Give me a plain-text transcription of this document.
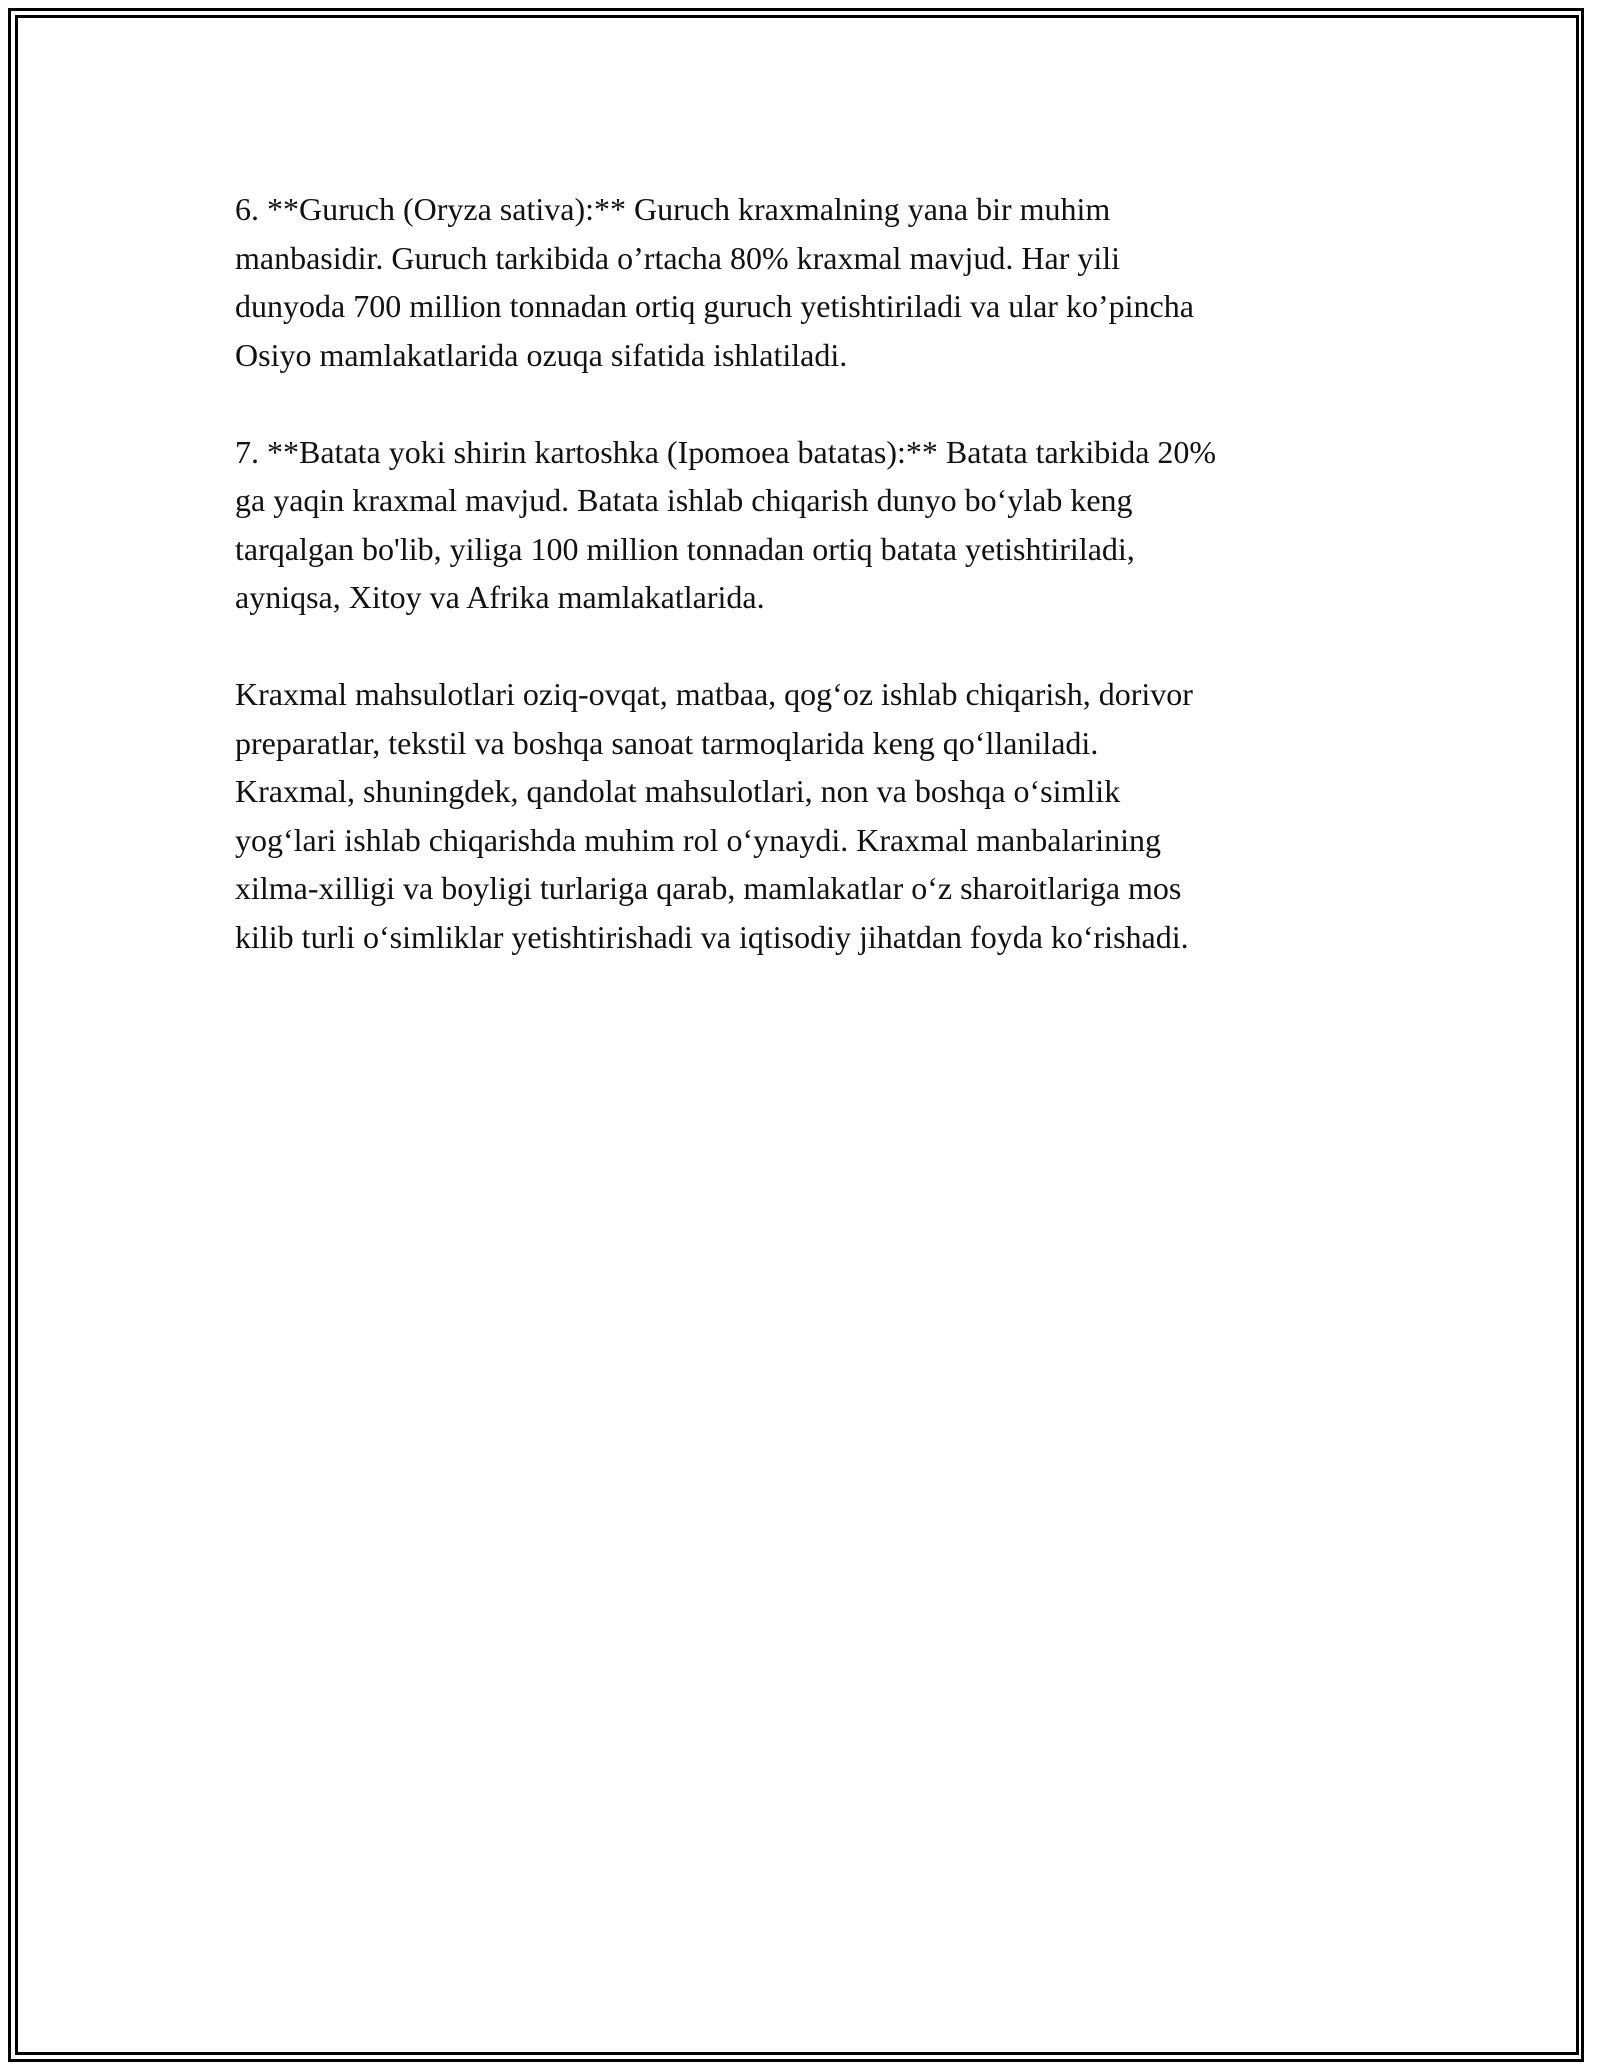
6. **Guruch (Oryza sativa):** Guruch kraxmalning yana bir muhim
manbasidir. Guruch tarkibida o’rtacha 80% kraxmal mavjud. Har yili
dunyoda 700 million tonnadan ortiq guruch yetishtiriladi va ular ko’pincha
Osiyo mamlakatlarida ozuqa sifatida ishlatiladi.

7. **Batata yoki shirin kartoshka (Ipomoea batatas):** Batata tarkibida 20%
ga yaqin kraxmal mavjud. Batata ishlab chiqarish dunyo bo‘ylab keng
tarqalgan bo'lib, yiliga 100 million tonnadan ortiq batata yetishtiriladi,
ayniqsa, Xitoy va Afrika mamlakatlarida.

Kraxmal mahsulotlari oziq-ovqat, matbaa, qog‘oz ishlab chiqarish, dorivor
preparatlar, tekstil va boshqa sanoat tarmoqlarida keng qo‘llaniladi.
Kraxmal, shuningdek, qandolat mahsulotlari, non va boshqa o‘simlik
yog‘lari ishlab chiqarishda muhim rol o‘ynaydi. Kraxmal manbalarining
xilma-xilligi va boyligi turlariga qarab, mamlakatlar o‘z sharoitlariga mos
kilib turli o‘simliklar yetishtirishadi va iqtisodiy jihatdan foyda ko‘rishadi.
